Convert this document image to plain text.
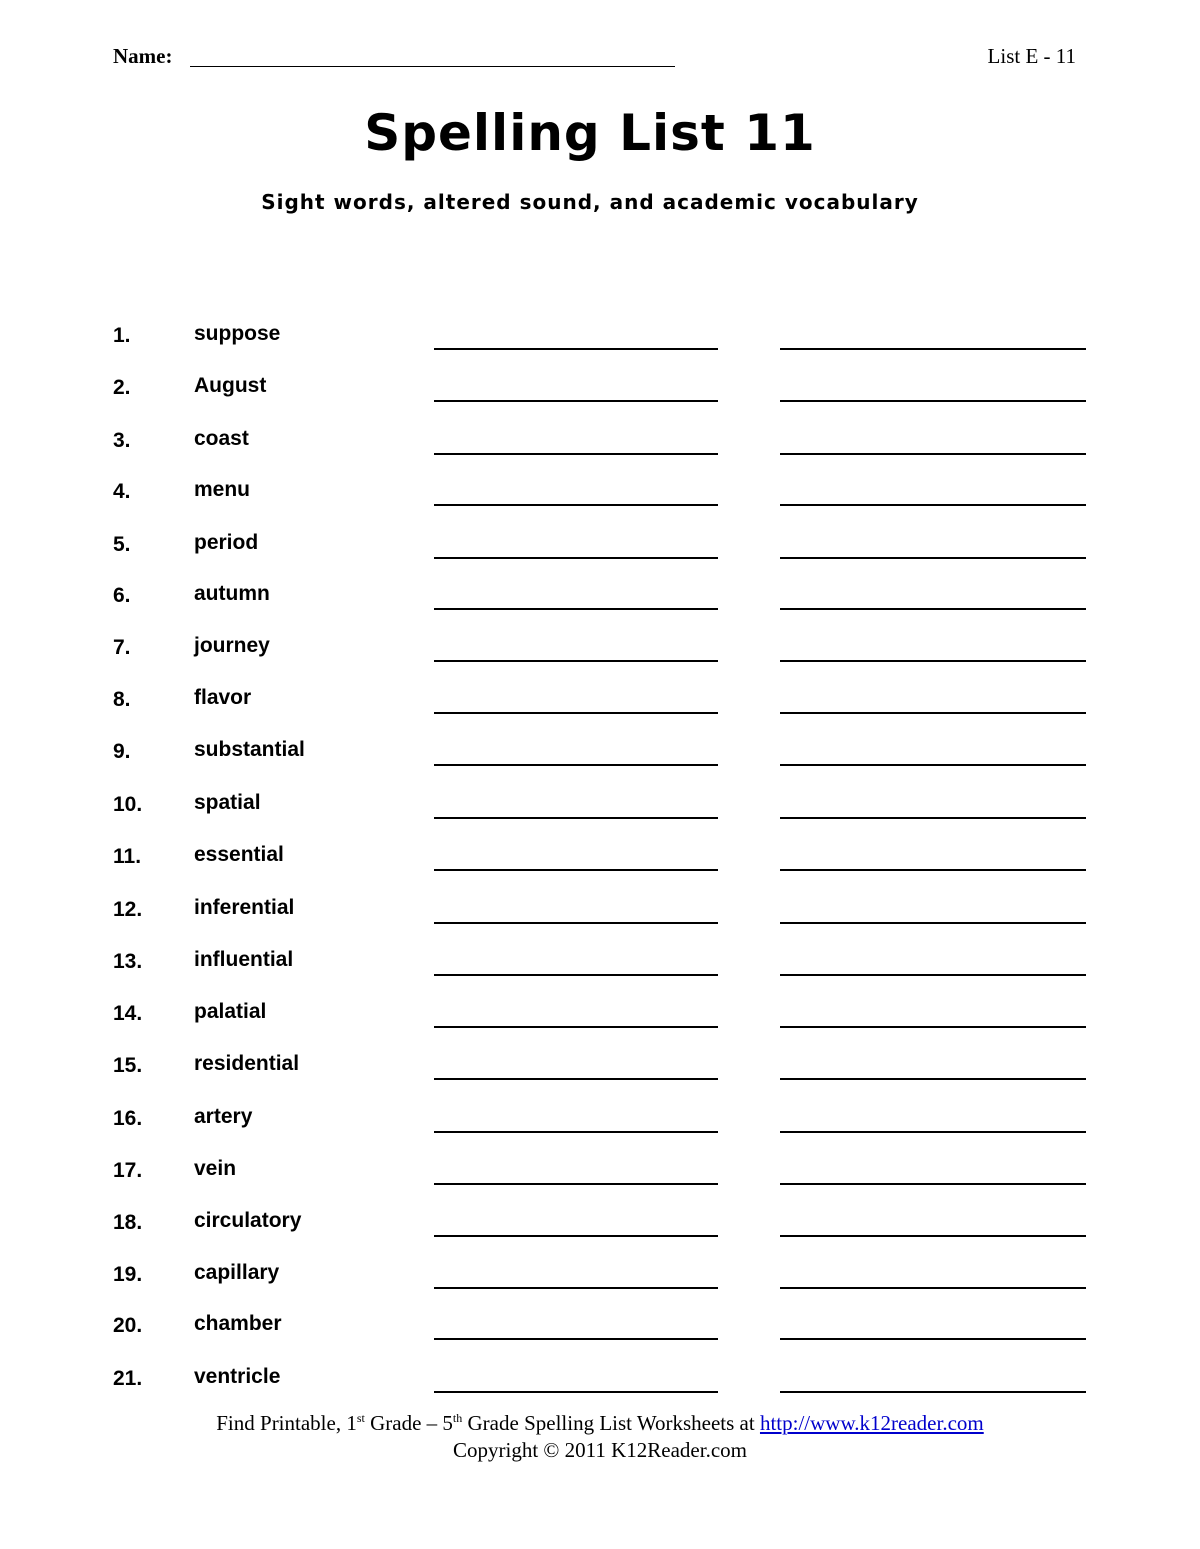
Name:	List E - 11
Spelling List 11
Sight words, altered sound, and academic vocabulary
1.	suppose
2.	August
3.	coast
4.	menu
5.	period
6.	autumn
7.	journey
8.	flavor
9.	substantial
10. spatial
11.	essential
12. inferential
13. influential
14. palatial
15. residential
16. artery
17. vein
18. circulatory
19. capillary
20. chamber
21. ventricle
Find Printable, 1st Grade – 5th Grade Spelling List Worksheets at http://www.k12reader.com
Copyright © 2011 K12Reader.com
